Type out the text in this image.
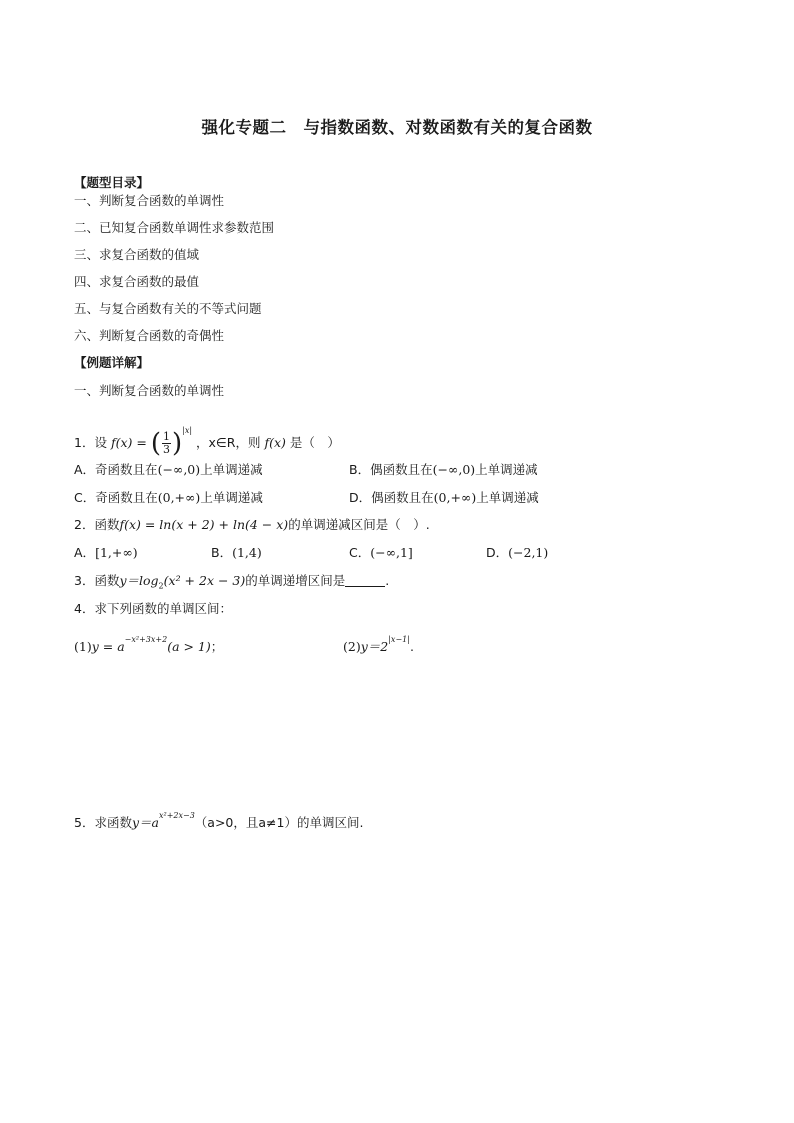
强化专题二　与指数函数、对数函数有关的复合函数
【题型目录】
一、判断复合函数的单调性
二、已知复合函数单调性求参数范围
三、求复合函数的值域
四、求复合函数的最值
五、与复合函数有关的不等式问题
六、判断复合函数的奇偶性
【例题详解】
一、判断复合函数的单调性
1．设 f(x) = ( $\frac{1}{3} )^{|x|}$ ，x∈R，则 f(x) 是（　）
A．奇函数且在(−∞,0)上单调递减	B．偶函数且在(−∞,0)上单调递减
C．奇函数且在(0,+∞)上单调递减	D．偶函数且在(0,+∞)上单调递减
2．函数f(x) = ln(x + 2) + ln(4 − x)的单调递减区间是（　）.
A．[1,+∞)	B．(1,4)	C．(−∞,1]	D．(−2,1)
3．函数$y=\log_2(x^2 + 2x - 3)$的单调递增区间是	.
4．求下列函数的单调区间：
$(1)y = a^{-x^2+3x+2}(a > 1)$；	$(2)y=2^{|x-1|}$.
5．求函数$y=a^{x^2+2x-3}(a>0$，且a≠1）的单调区间.
